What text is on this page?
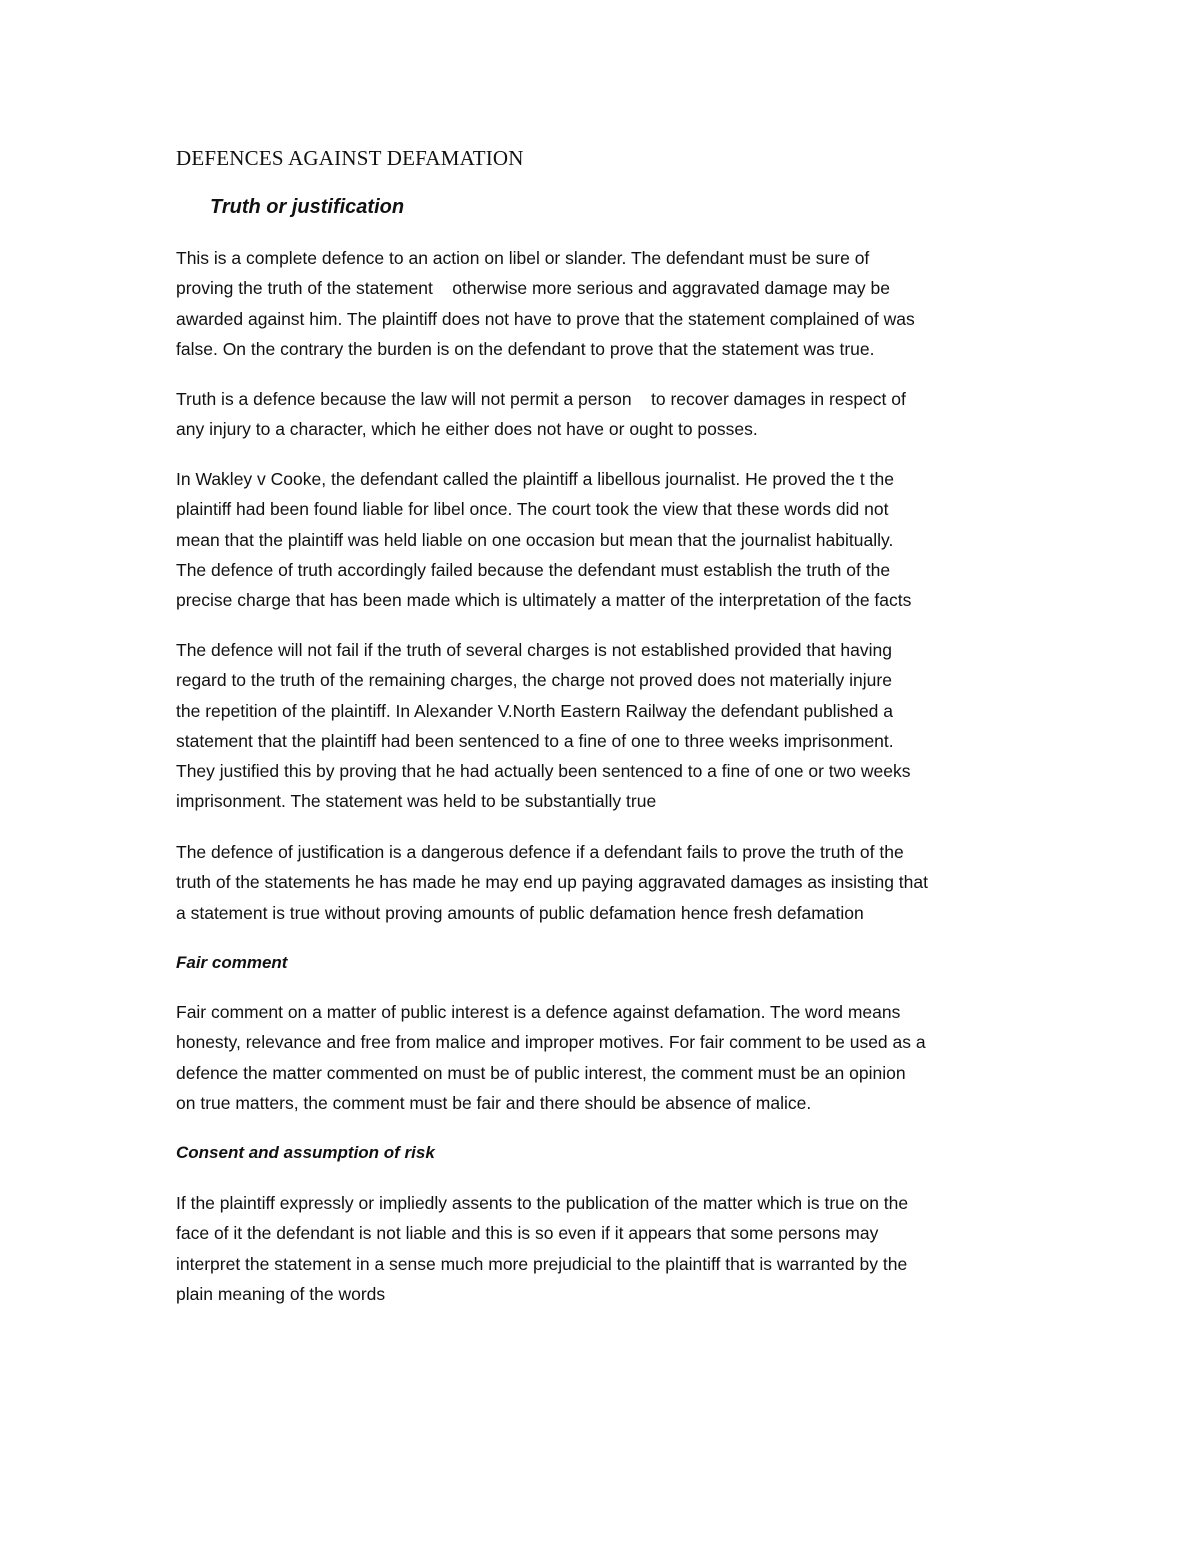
DEFENCES AGAINST DEFAMATION
Truth or justification

This is a complete defence to an action on libel or slander. The defendant must be sure of
proving the truth of the statement    otherwise more serious and aggravated damage may be
awarded against him. The plaintiff does not have to prove that the statement complained of was
false. On the contrary the burden is on the defendant to prove that the statement was true.

Truth is a defence because the law will not permit a person    to recover damages in respect of
any injury to a character, which he either does not have or ought to posses.

In Wakley v Cooke, the defendant called the plaintiff a libellous journalist. He proved the t the
plaintiff had been found liable for libel once. The court took the view that these words did not
mean that the plaintiff was held liable on one occasion but mean that the journalist habitually.
The defence of truth accordingly failed because the defendant must establish the truth of the
precise charge that has been made which is ultimately a matter of the interpretation of the facts

The defence will not fail if the truth of several charges is not established provided that having
regard to the truth of the remaining charges, the charge not proved does not materially injure
the repetition of the plaintiff. In Alexander V.North Eastern Railway the defendant published a
statement that the plaintiff had been sentenced to a fine of one to three weeks imprisonment.
They justified this by proving that he had actually been sentenced to a fine of one or two weeks
imprisonment. The statement was held to be substantially true

The defence of justification is a dangerous defence if a defendant fails to prove the truth of the
truth of the statements he has made he may end up paying aggravated damages as insisting that
a statement is true without proving amounts of public defamation hence fresh defamation

Fair comment

Fair comment on a matter of public interest is a defence against defamation. The word means
honesty, relevance and free from malice and improper motives. For fair comment to be used as a
defence the matter commented on must be of public interest, the comment must be an opinion
on true matters, the comment must be fair and there should be absence of malice.

Consent and assumption of risk

If the plaintiff expressly or impliedly assents to the publication of the matter which is true on the
face of it the defendant is not liable and this is so even if it appears that some persons may
interpret the statement in a sense much more prejudicial to the plaintiff that is warranted by the
plain meaning of the words
